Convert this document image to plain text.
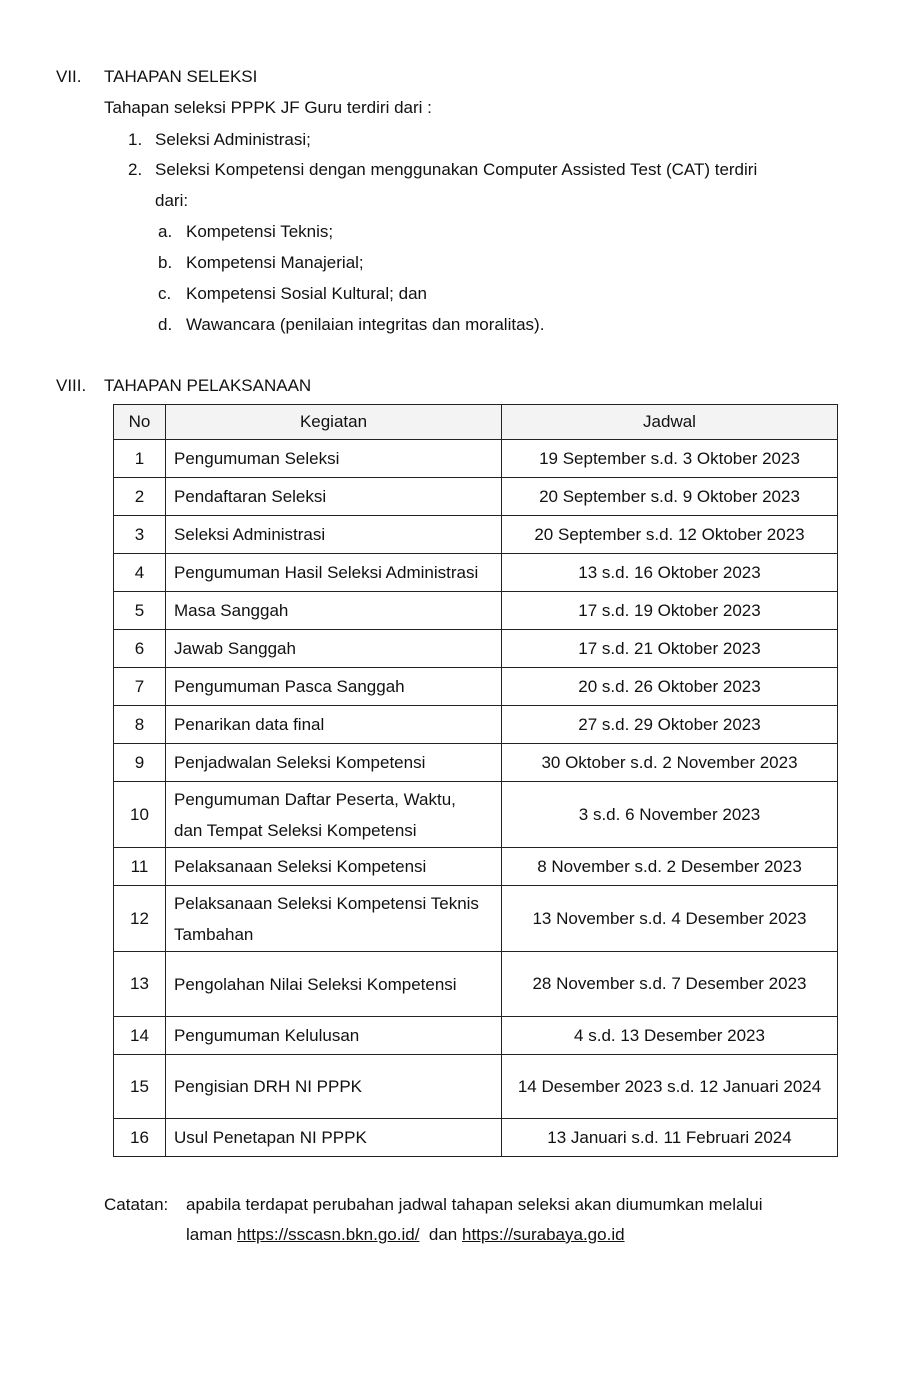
VII. TAHAPAN SELEKSI
Tahapan seleksi PPPK JF Guru terdiri dari :
1. Seleksi Administrasi;
2. Seleksi Kompetensi dengan menggunakan Computer Assisted Test (CAT) terdiri
dari:
a. Kompetensi Teknis;
b. Kompetensi Manajerial;
c. Kompetensi Sosial Kultural; dan
d. Wawancara (penilaian integritas dan moralitas).
VIII. TAHAPAN PELAKSANAAN
No	Kegiatan	Jadwal
1	Pengumuman Seleksi	19 September s.d. 3 Oktober 2023
2	Pendaftaran Seleksi	20 September s.d. 9 Oktober 2023
3	Seleksi Administrasi	20 September s.d. 12 Oktober 2023
4	Pengumuman Hasil Seleksi Administrasi	13 s.d. 16 Oktober 2023
5	Masa Sanggah	17 s.d. 19 Oktober 2023
6	Jawab Sanggah	17 s.d. 21 Oktober 2023
7	Pengumuman Pasca Sanggah	20 s.d. 26 Oktober 2023
8	Penarikan data final	27 s.d. 29 Oktober 2023
9	Penjadwalan Seleksi Kompetensi	30 Oktober s.d. 2 November 2023
10	Pengumuman Daftar Peserta, Waktu,
dan Tempat Seleksi Kompetensi	3 s.d. 6 November 2023
11	Pelaksanaan Seleksi Kompetensi	8 November s.d. 2 Desember 2023
12	Pelaksanaan Seleksi Kompetensi Teknis
Tambahan	13 November s.d. 4 Desember 2023
13	Pengolahan Nilai Seleksi Kompetensi	28 November s.d. 7 Desember 2023
14	Pengumuman Kelulusan	4 s.d. 13 Desember 2023
15	Pengisian DRH NI PPPK	14 Desember 2023 s.d. 12 Januari 2024
16	Usul Penetapan NI PPPK	13 Januari s.d. 11 Februari 2024
Catatan: apabila terdapat perubahan jadwal tahapan seleksi akan diumumkan melalui
laman https://sscasn.bkn.go.id/ dan https://surabaya.go.id
